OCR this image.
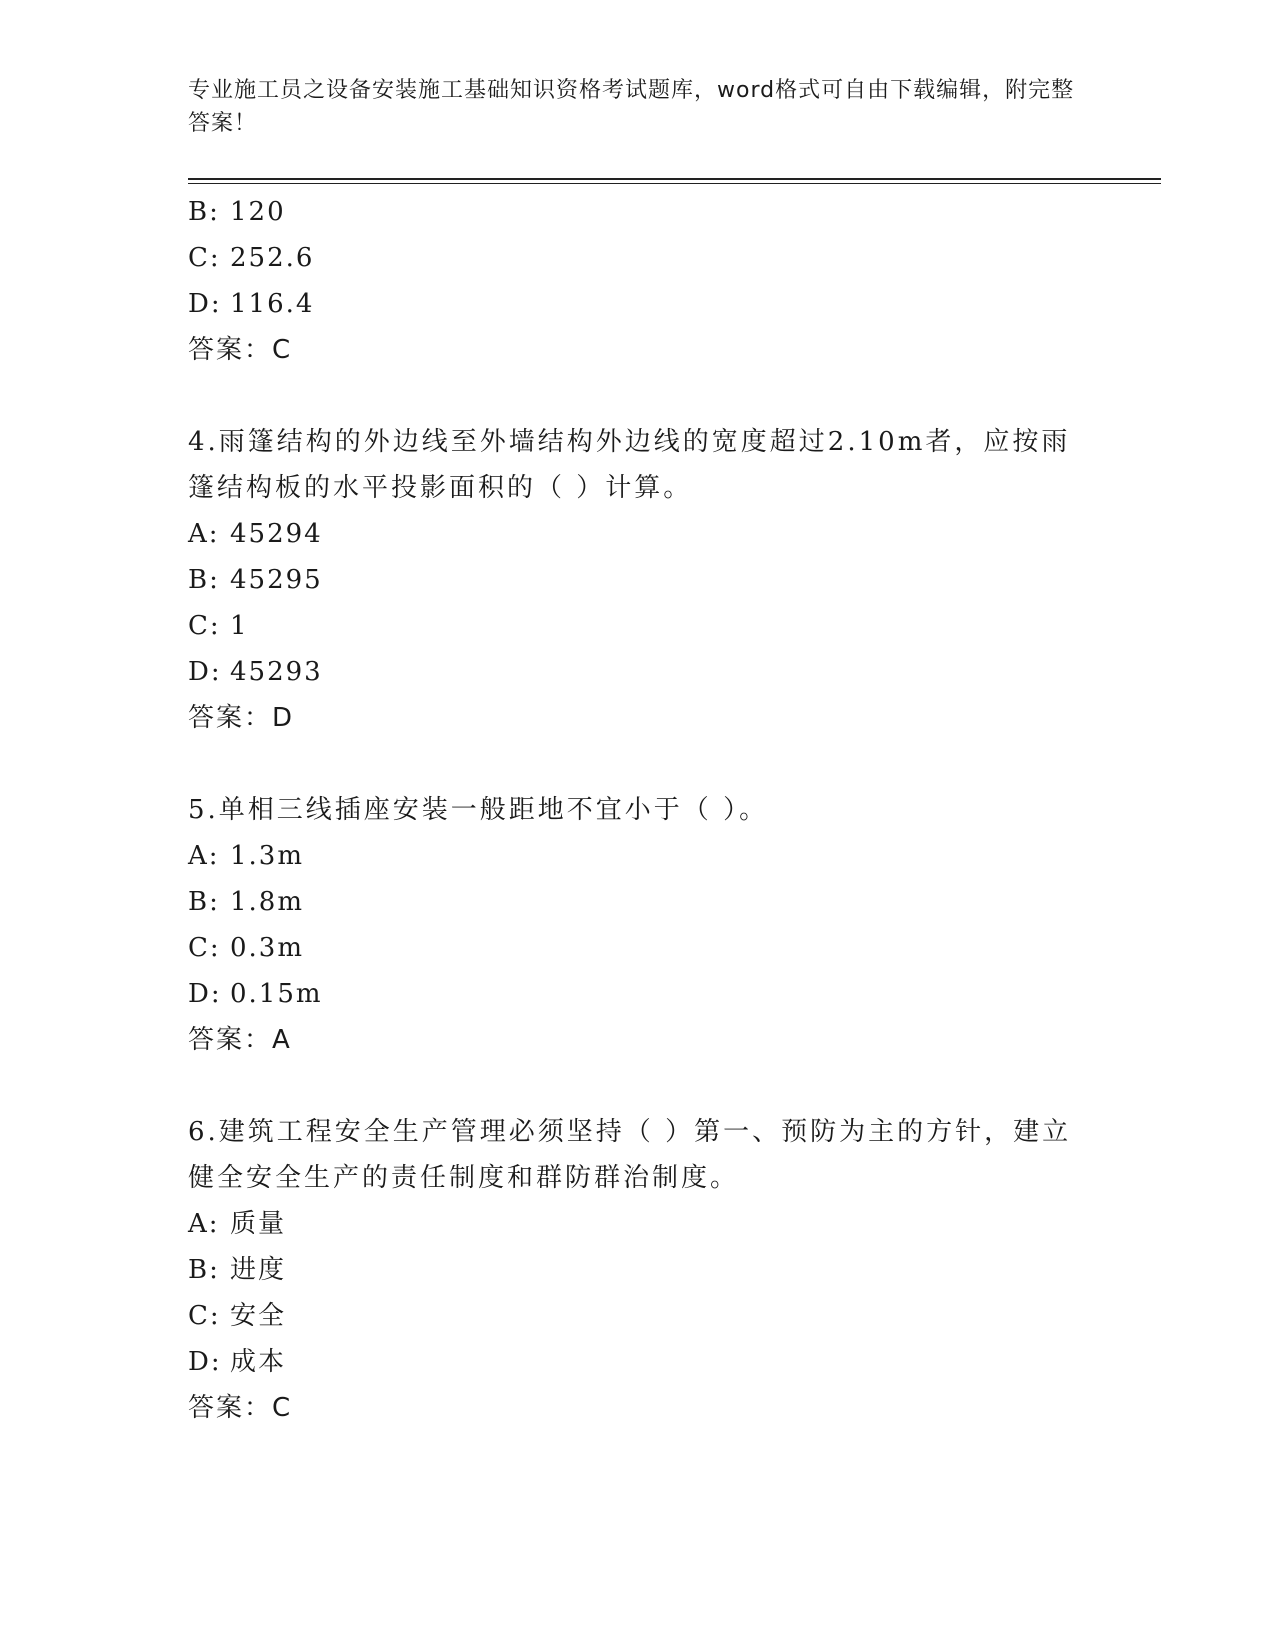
专业施工员之设备安装施工基础知识资格考试题库，word格式可自由下载编辑，附完整答案！
B: 120
C: 252.6
D: 116.4
答案：C
4.雨篷结构的外边线至外墙结构外边线的宽度超过2.10m者，应按雨篷结构板的水平投影面积的（ ）计算。
A: 45294
B: 45295
C: 1
D: 45293
答案：D
5.单相三线插座安装一般距地不宜小于（ ）。
A: 1.3m
B: 1.8m
C: 0.3m
D: 0.15m
答案：A
6.建筑工程安全生产管理必须坚持（ ）第一、预防为主的方针，建立健全安全生产的责任制度和群防群治制度。
A: 质量
B: 进度
C: 安全
D: 成本
答案：C
